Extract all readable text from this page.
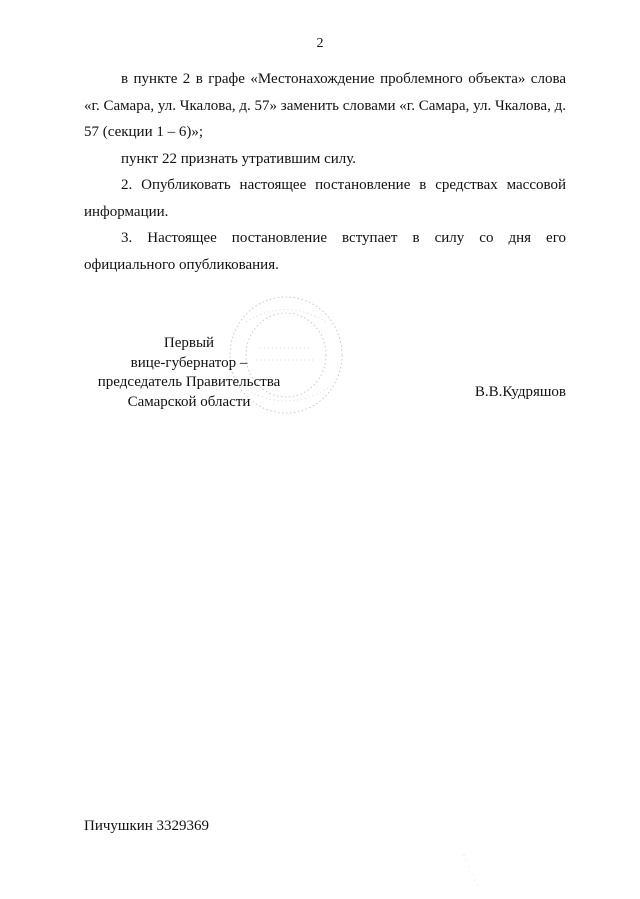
2

в пункте 2 в графе «Местонахождение проблемного объекта» слова «г. Самара, ул. Чкалова, д. 57» заменить словами «г. Самара, ул. Чкалова, д. 57 (секции 1 – 6)»;

пункт 22 признать утратившим силу.

2. Опубликовать настоящее постановление в средствах массовой информации.

3. Настоящее постановление вступает в силу со дня его официального опубликования.

Первый
вице-губернатор –
председатель Правительства
Самарской области
В.В.Кудряшов
Пичушкин 3329369
